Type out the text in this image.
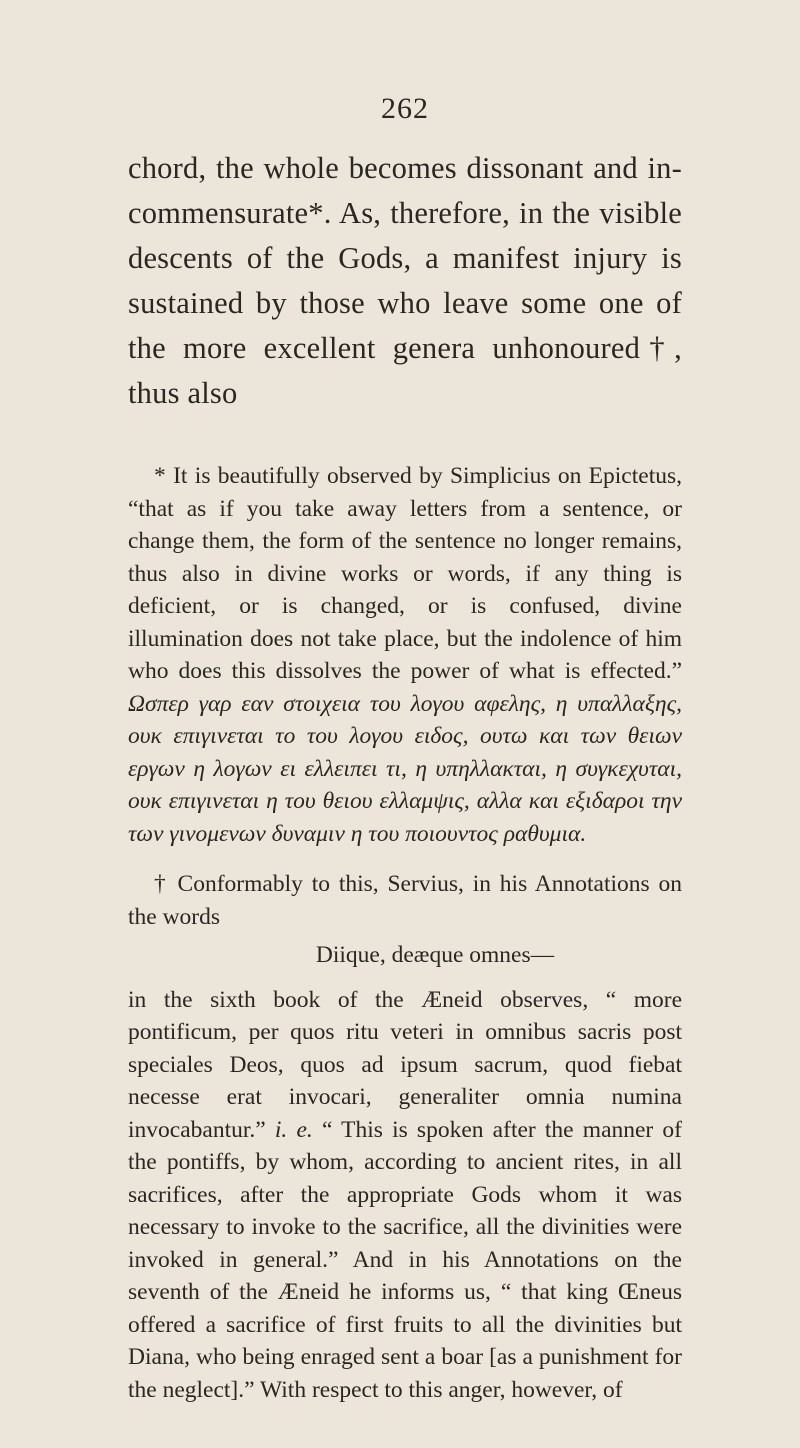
262

chord, the whole becomes dissonant and in-commensurate*. As, therefore, in the visible descents of the Gods, a manifest injury is sustained by those who leave some one of the more excellent genera unhonoured†, thus also

* It is beautifully observed by Simplicius on Epictetus, “that as if you take away letters from a sentence, or change them, the form of the sentence no longer remains, thus also in divine works or words, if any thing is deficient, or is changed, or is confused, divine illumination does not take place, but the indolence of him who does this dissolves the power of what is effected.” Ωσπερ γαρ εαν στοιχεια του λογου αφελης, η υπαλλαξης, ουκ επιγινεται το του λογου ειδος, ουτω και των θειων εργων η λογων ει ελλειπει τι, η υπηλλακται, η συγκεχυται, ουκ επιγινεται η του θειου ελλαμψις, αλλα και εξιδαροι την των γινομενων δυναμιν η του ποιουντος ραθυμια.

† Conformably to this, Servius, in his Annotations on the words

Diique, deæque omnes—

in the sixth book of the Æneid observes, “ more pontificum, per quos ritu veteri in omnibus sacris post speciales Deos, quos ad ipsum sacrum, quod fiebat necesse erat invocari, generaliter omnia numina invocabantur.” i. e. “ This is spoken after the manner of the pontiffs, by whom, according to ancient rites, in all sacrifices, after the appropriate Gods whom it was necessary to invoke to the sacrifice, all the divinities were invoked in general.” And in his Annotations on the seventh of the Æneid he informs us, “ that king Œneus offered a sacrifice of first fruits to all the divinities but Diana, who being enraged sent a boar [as a punishment for the neglect].” With respect to this anger, however, of
